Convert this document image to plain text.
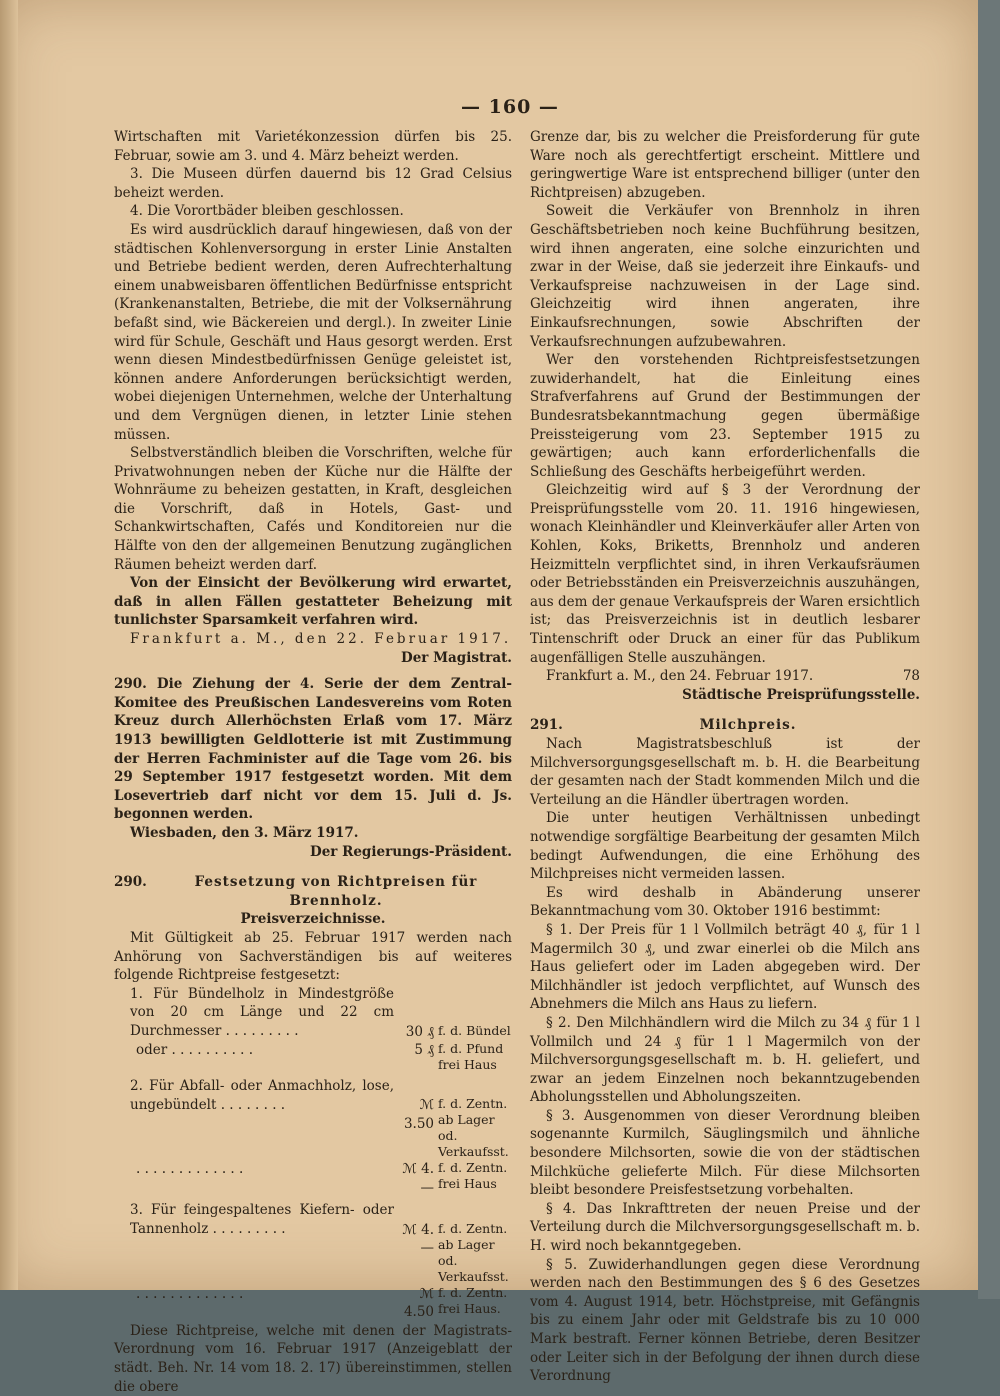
— 160 —

Wirtschaften mit Varietékonzession dürfen bis 25. Februar, sowie am 3. und 4. März beheizt werden.

3. Die Museen dürfen dauernd bis 12 Grad Celsius beheizt werden.

4. Die Vorortbäder bleiben geschlossen.

Es wird ausdrücklich darauf hingewiesen, daß von der städtischen Kohlenversorgung in erster Linie Anstalten und Betriebe bedient werden, deren Aufrechterhaltung einem unabweisbaren öffentlichen Bedürfnisse entspricht (Krankenanstalten, Betriebe, die mit der Volksernährung befaßt sind, wie Bäckereien und dergl.). In zweiter Linie wird für Schule, Geschäft und Haus gesorgt werden. Erst wenn diesen Mindestbedürfnissen Genüge geleistet ist, können andere Anforderungen berücksichtigt werden, wobei diejenigen Unternehmen, welche der Unterhaltung und dem Vergnügen dienen, in letzter Linie stehen müssen.

Selbstverständlich bleiben die Vorschriften, welche für Privatwohnungen neben der Küche nur die Hälfte der Wohnräume zu beheizen gestatten, in Kraft, desgleichen die Vorschrift, daß in Hotels, Gast- und Schankwirtschaften, Cafés und Konditoreien nur die Hälfte von den der allgemeinen Benutzung zugänglichen Räumen beheizt werden darf.

Von der Einsicht der Bevölkerung wird erwartet, daß in allen Fällen gestatteter Beheizung mit tunlichster Sparsamkeit verfahren wird.

Frankfurt a. M., den 22. Februar 1917.

Der Magistrat.

290. Die Ziehung der 4. Serie der dem Zentral-Komitee des Preußischen Landesvereins vom Roten Kreuz durch Allerhöchsten Erlaß vom 17. März 1913 bewilligten Geldlotterie ist mit Zustimmung der Herren Fachminister auf die Tage vom 26. bis 29 September 1917 festgesetzt worden. Mit dem Losevertrieb darf nicht vor dem 15. Juli d. Js. begonnen werden.

Wiesbaden, den 3. März 1917.

Der Regierungs-Präsident.

290.	Festsetzung von Richtpreisen für Brennholz.

Preisverzeichnisse.

Mit Gültigkeit ab 25. Februar 1917 werden nach Anhörung von Sachverständigen bis auf weiteres folgende Richtpreise festgesetzt:

1. Für Bündelholz in Mindestgröße von 20 cm Länge und 22 cm Durchmesser . . . . . . . . .	30 ₰ f. d. Bündel
oder . . . . . . . . . .	5 ₰ f. d. Pfund frei Haus

2. Für Abfall- oder Anmachholz, lose, ungebündelt . . . . . . . .	ℳ 3.50
f. d. Zentn. ab Lager od. Verkaufsst.
. . . . . . . . . . . . .	ℳ 4.—
f. d. Zentn. frei Haus

3. Für feingespaltenes Kiefern- oder Tannenholz . . . . . . . . .	ℳ 4.—
f. d. Zentn. ab Lager od. Verkaufsst.
. . . . . . . . . . . . .	ℳ 4.50
f. d. Zentn. frei Haus.

Diese Richtpreise, welche mit denen der Magistrats-Verordnung vom 16. Februar 1917 (Anzeigeblatt der städt. Beh. Nr. 14 vom 18. 2. 17) übereinstimmen, stellen die obere

Grenze dar, bis zu welcher die Preisforderung für gute Ware noch als gerechtfertigt erscheint. Mittlere und geringwertige Ware ist entsprechend billiger (unter den Richtpreisen) abzugeben.

Soweit die Verkäufer von Brennholz in ihren Geschäftsbetrieben noch keine Buchführung besitzen, wird ihnen angeraten, eine solche einzurichten und zwar in der Weise, daß sie jederzeit ihre Einkaufs- und Verkaufspreise nachzuweisen in der Lage sind. Gleichzeitig wird ihnen angeraten, ihre Einkaufsrechnungen, sowie Abschriften der Verkaufsrechnungen aufzubewahren.

Wer den vorstehenden Richtpreisfestsetzungen zuwiderhandelt, hat die Einleitung eines Strafverfahrens auf Grund der Bestimmungen der Bundesratsbekanntmachung gegen übermäßige Preissteigerung vom 23. September 1915 zu gewärtigen; auch kann erforderlichenfalls die Schließung des Geschäfts herbeigeführt werden.

Gleichzeitig wird auf § 3 der Verordnung der Preisprüfungsstelle vom 20. 11. 1916 hingewiesen, wonach Kleinhändler und Kleinverkäufer aller Arten von Kohlen, Koks, Briketts, Brennholz und anderen Heizmitteln verpflichtet sind, in ihren Verkaufsräumen oder Betriebsständen ein Preisverzeichnis auszuhängen, aus dem der genaue Verkaufspreis der Waren ersichtlich ist; das Preisverzeichnis ist in deutlich lesbarer Tintenschrift oder Druck an einer für das Publikum augenfälligen Stelle auszuhängen.

Frankfurt a. M., den 24. Februar 1917.	78

Städtische Preisprüfungsstelle.

291.	Milchpreis.

Nach Magistratsbeschluß ist der Milchversorgungsgesellschaft m. b. H. die Bearbeitung der gesamten nach der Stadt kommenden Milch und die Verteilung an die Händler übertragen worden.

Die unter heutigen Verhältnissen unbedingt notwendige sorgfältige Bearbeitung der gesamten Milch bedingt Aufwendungen, die eine Erhöhung des Milchpreises nicht vermeiden lassen.

Es wird deshalb in Abänderung unserer Bekanntmachung vom 30. Oktober 1916 bestimmt:

§ 1. Der Preis für 1 l Vollmilch beträgt 40 ₰, für 1 l Magermilch 30 ₰, und zwar einerlei ob die Milch ans Haus geliefert oder im Laden abgegeben wird. Der Milchhändler ist jedoch verpflichtet, auf Wunsch des Abnehmers die Milch ans Haus zu liefern.

§ 2. Den Milchhändlern wird die Milch zu 34 ₰ für 1 l Vollmilch und 24 ₰ für 1 l Magermilch von der Milchversorgungsgesellschaft m. b. H. geliefert, und zwar an jedem Einzelnen noch bekanntzugebenden Abholungsstellen und Abholungszeiten.

§ 3. Ausgenommen von dieser Verordnung bleiben sogenannte Kurmilch, Säuglingsmilch und ähnliche besondere Milchsorten, sowie die von der städtischen Milchküche gelieferte Milch. Für diese Milchsorten bleibt besondere Preisfestsetzung vorbehalten.

§ 4. Das Inkrafttreten der neuen Preise und der Verteilung durch die Milchversorgungsgesellschaft m. b. H. wird noch bekanntgegeben.

§ 5. Zuwiderhandlungen gegen diese Verordnung werden nach den Bestimmungen des § 6 des Gesetzes vom 4. August 1914, betr. Höchstpreise, mit Gefängnis bis zu einem Jahr oder mit Geldstrafe bis zu 10 000 Mark bestraft. Ferner können Betriebe, deren Besitzer oder Leiter sich in der Befolgung der ihnen durch diese Verordnung
